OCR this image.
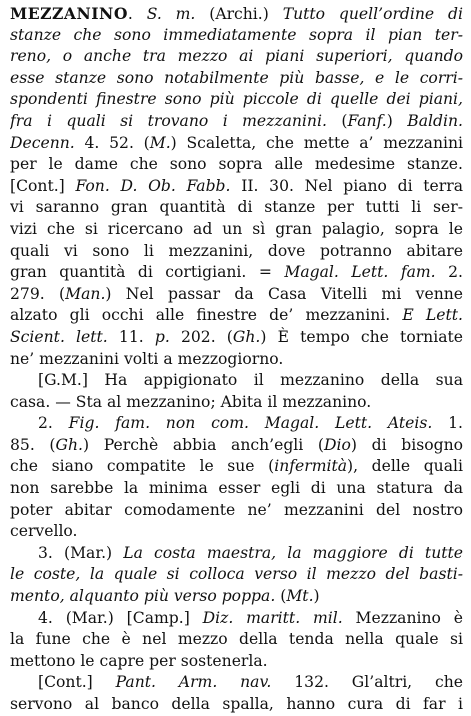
MEZZANINO. S. m. (Archi.) Tutto quell’ordine di
stanze che sono immediatamente sopra il pian ter-
reno, o anche tra mezzo ai piani superiori, quando
esse stanze sono notabilmente più basse, e le corri-
spondenti finestre sono più piccole di quelle dei piani,
fra i quali si trovano i mezzanini. (Fanf.) Baldin.
Decenn. 4. 52. (M.) Scaletta, che mette a’ mezzanini
per le dame che sono sopra alle medesime stanze.
[Cont.] Fon. D. Ob. Fabb. II. 30. Nel piano di terra
vi saranno gran quantità di stanze per tutti li ser-
vizi che si ricercano ad un sì gran palagio, sopra le
quali vi sono li mezzanini, dove potranno abitare
gran quantità di cortigiani. = Magal. Lett. fam. 2.
279. (Man.) Nel passar da Casa Vitelli mi venne
alzato gli occhi alle finestre de’ mezzanini. E Lett.
Scient. lett. 11. p. 202. (Gh.) È tempo che torniate
ne’ mezzanini volti a mezzogiorno.
[G.M.] Ha appigionato il mezzanino della sua
casa. — Sta al mezzanino; Abita il mezzanino.
2. Fig. fam. non com. Magal. Lett. Ateis. 1.
85. (Gh.) Perchè abbia anch’egli (Dio) di bisogno
che siano compatite le sue (infermità), delle quali
non sarebbe la minima esser egli di una statura da
poter abitar comodamente ne’ mezzanini del nostro
cervello.
3. (Mar.) La costa maestra, la maggiore di tutte
le coste, la quale si colloca verso il mezzo del basti-
mento, alquanto più verso poppa. (Mt.)
4. (Mar.) [Camp.] Diz. maritt. mil. Mezzanino è
la fune che è nel mezzo della tenda nella quale si
mettono le capre per sostenerla.
[Cont.] Pant. Arm. nav. 132. Gl’altri, che
servono al banco della spalla, hanno cura di far i
